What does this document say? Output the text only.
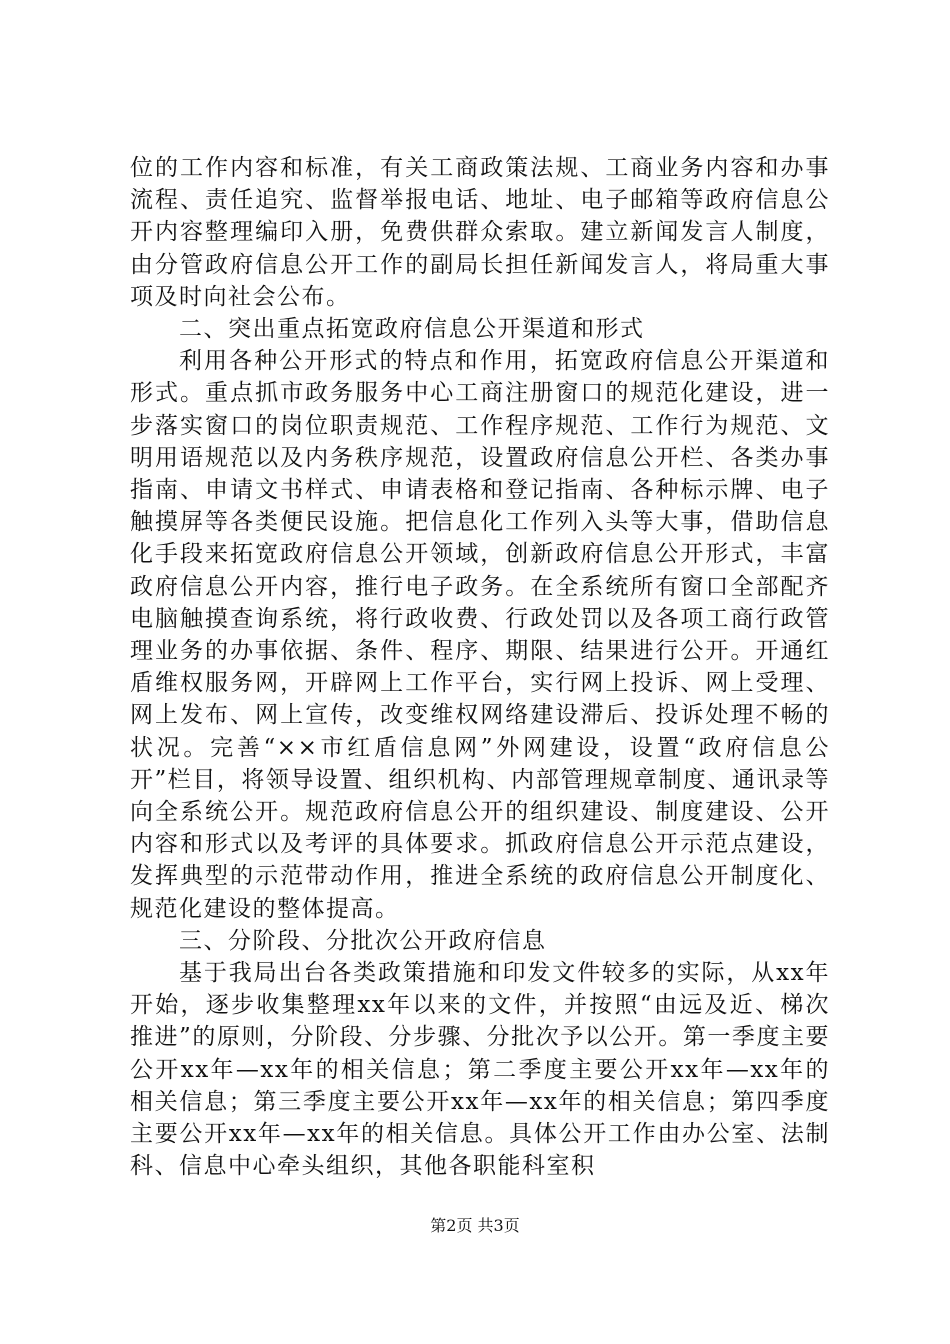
位的工作内容和标准，有关工商政策法规、工商业务内容和办事流程、责任追究、监督举报电话、地址、电子邮箱等政府信息公开内容整理编印入册，免费供群众索取。建立新闻发言人制度，由分管政府信息公开工作的副局长担任新闻发言人，将局重大事项及时向社会公布。

二、突出重点拓宽政府信息公开渠道和形式

利用各种公开形式的特点和作用，拓宽政府信息公开渠道和形式。重点抓市政务服务中心工商注册窗口的规范化建设，进一步落实窗口的岗位职责规范、工作程序规范、工作行为规范、文明用语规范以及内务秩序规范，设置政府信息公开栏、各类办事指南、申请文书样式、申请表格和登记指南、各种标示牌、电子触摸屏等各类便民设施。把信息化工作列入头等大事，借助信息化手段来拓宽政府信息公开领域，创新政府信息公开形式，丰富政府信息公开内容，推行电子政务。在全系统所有窗口全部配齐电脑触摸查询系统，将行政收费、行政处罚以及各项工商行政管理业务的办事依据、条件、程序、期限、结果进行公开。开通红盾维权服务网，开辟网上工作平台，实行网上投诉、网上受理、网上发布、网上宣传，改变维权网络建设滞后、投诉处理不畅的状况。完善“××市红盾信息网”外网建设，设置“政府信息公开”栏目，将领导设置、组织机构、内部管理规章制度、通讯录等向全系统公开。规范政府信息公开的组织建设、制度建设、公开内容和形式以及考评的具体要求。抓政府信息公开示范点建设，发挥典型的示范带动作用，推进全系统的政府信息公开制度化、规范化建设的整体提高。

三、分阶段、分批次公开政府信息

基于我局出台各类政策措施和印发文件较多的实际，从xx年开始，逐步收集整理xx年以来的文件，并按照“由远及近、梯次推进”的原则，分阶段、分步骤、分批次予以公开。第一季度主要公开xx年—xx年的相关信息；第二季度主要公开xx年—xx年的相关信息；第三季度主要公开xx年—xx年的相关信息；第四季度主要公开xx年—xx年的相关信息。具体公开工作由办公室、法制科、信息中心牵头组织，其他各职能科室积

第2页 共3页
